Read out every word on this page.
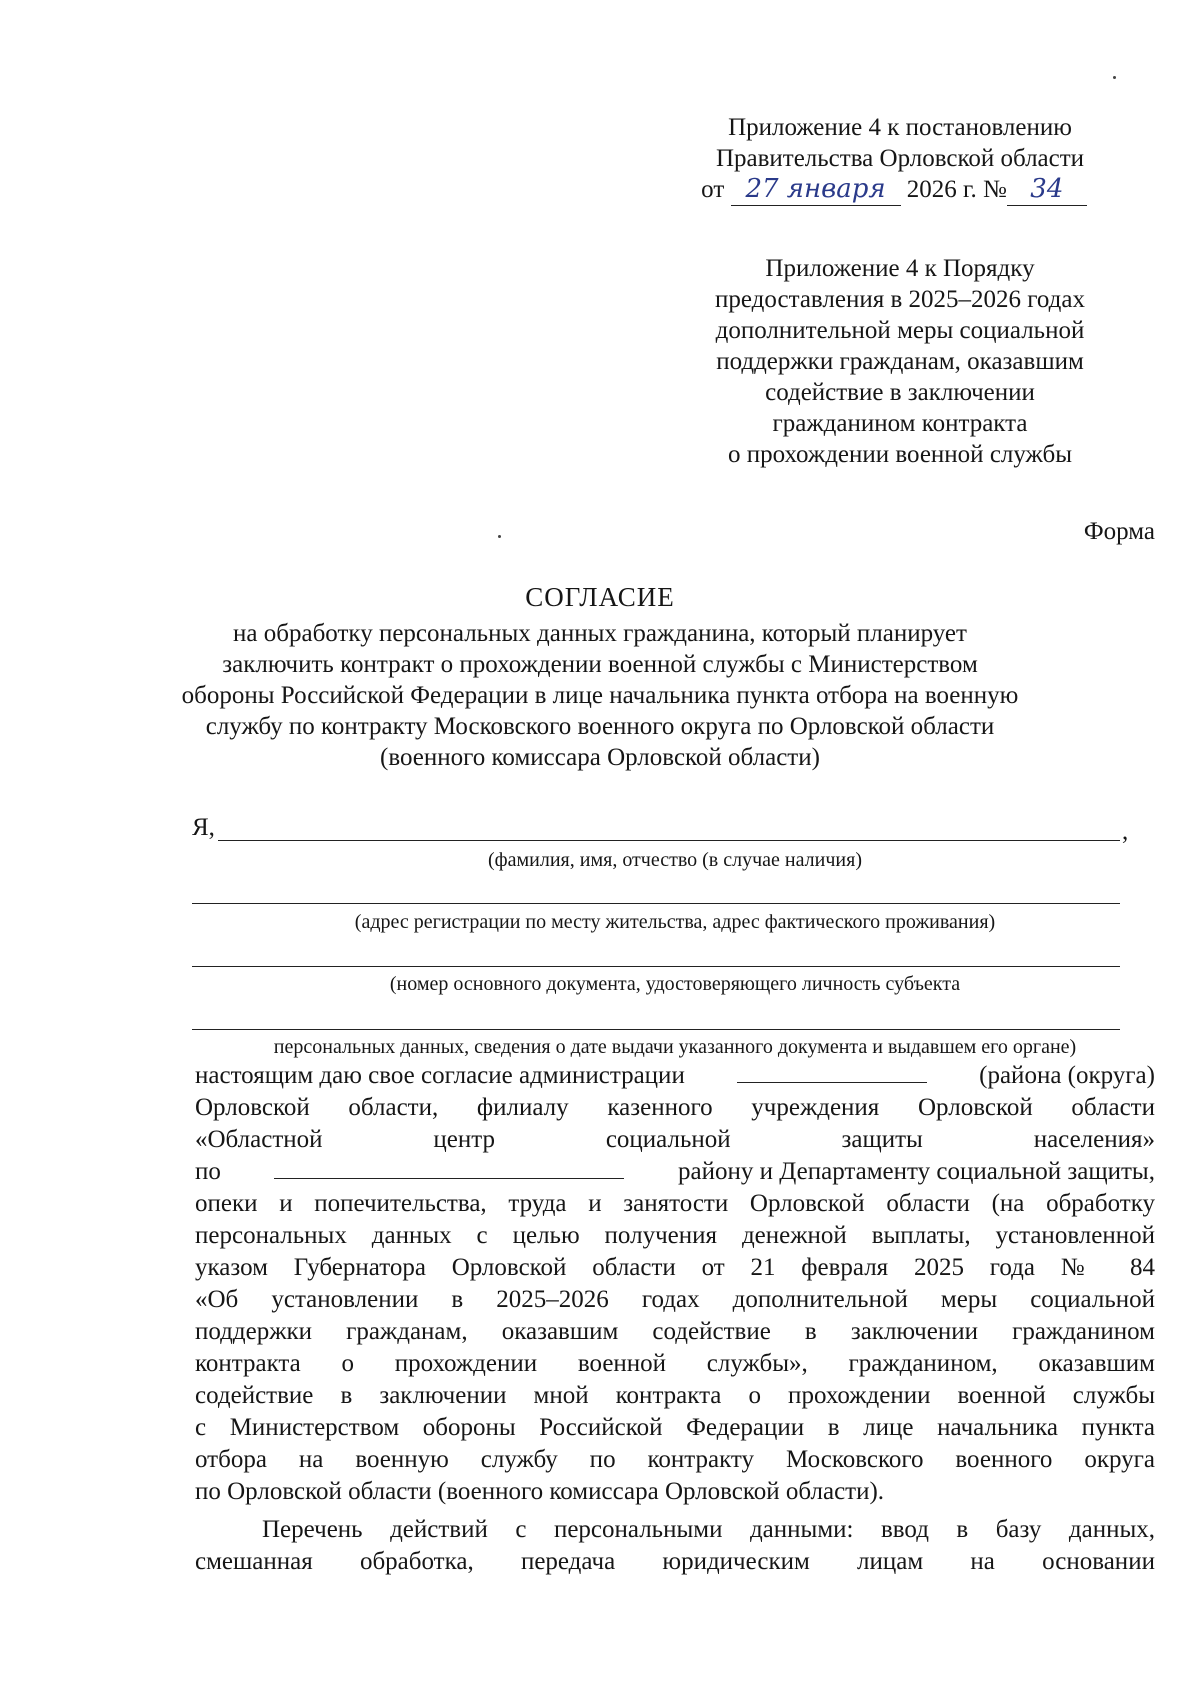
Приложение 4 к постановлению
Правительства Орловской области
от 27 января 2026 г. № 34
Приложение 4 к Порядку
предоставления в 2025–2026 годах
дополнительной меры социальной
поддержки гражданам, оказавшим
содействие в заключении
гражданином контракта
о прохождении военной службы
Форма
СОГЛАСИЕ
на обработку персональных данных гражданина, который планирует
заключить контракт о прохождении военной службы с Министерством
обороны Российской Федерации в лице начальника пункта отбора на военную
службу по контракту Московского военного округа по Орловской области
(военного комиссара Орловской области)
Я,	,
(фамилия, имя, отчество (в случае наличия)
(адрес регистрации по месту жительства, адрес фактического проживания)
(номер основного документа, удостоверяющего личность субъекта
персональных данных, сведения о дате выдачи указанного документа и выдавшем его органе)
настоящим даю свое согласие администрации	(района (округа)
Орловской области, филиалу казенного учреждения Орловской области
«Областной	центр	социальной	защиты	населения»
по	району и Департаменту социальной защиты,
опеки и попечительства, труда и занятости Орловской области (на обработку
персональных данных с целью получения денежной выплаты, установленной
указом Губернатора Орловской области от 21 февраля 2025 года № 84
«Об установлении в 2025–2026 годах дополнительной меры социальной
поддержки гражданам, оказавшим содействие в заключении гражданином
контракта о прохождении военной службы», гражданином, оказавшим
содействие в заключении мной контракта о прохождении военной службы
с Министерством обороны Российской Федерации в лице начальника пункта
отбора на военную службу по контракту Московского военного округа
по Орловской области (военного комиссара Орловской области).
Перечень действий с персональными данными: ввод в базу данных,
смешанная обработка, передача юридическим лицам на основании
